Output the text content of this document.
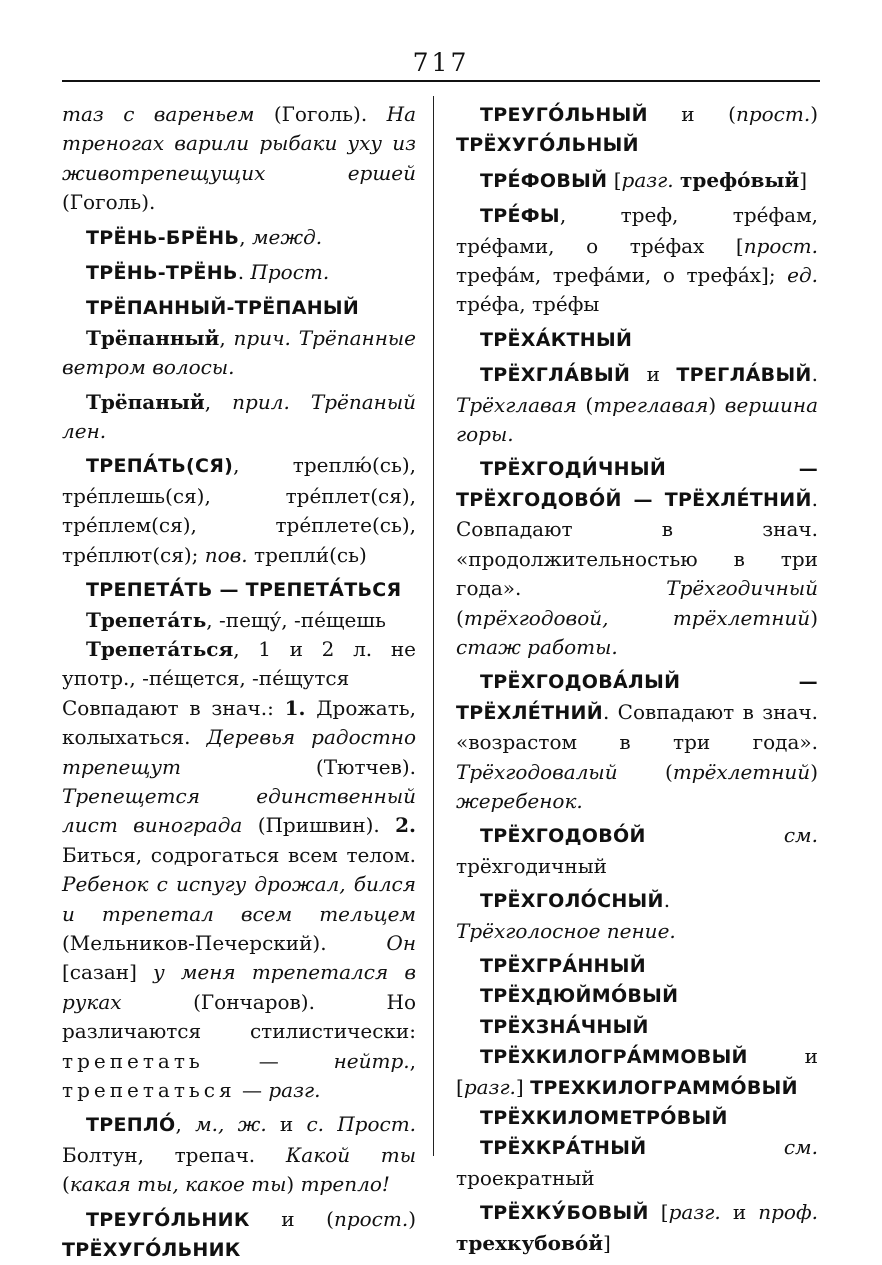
717

таз с вареньем (Гоголь). На треногах варили рыбаки уху из животрепещущих ершей (Гоголь).

ТРЁНЬ-БРЁНЬ, межд.

ТРЁНЬ-ТРЁНЬ. Прост.

ТРЁПАННЫЙ-ТРЁПАНЫЙ

Трёпанный, прич. Трёпанные ветром волосы.

Трёпаный, прил. Трёпаный лен.

ТРЕПА́ТЬ(СЯ), треплю́(сь), тре́плешь(ся), тре́плет(ся), тре́плем(ся), тре́плете(сь), тре́плют(ся); пов. трепли́(сь)

ТРЕПЕТА́ТЬ — ТРЕПЕТА́ТЬСЯ

Трепета́ть, -пещу́, -пе́щешь

Трепета́ться, 1 и 2 л. не употр., -пе́щется, -пе́щутся

Совпадают в знач.: 1. Дрожать, колыхаться. Деревья радостно трепещут (Тютчев). Трепещется единственный лист винограда (Пришвин). 2. Биться, содрогаться всем телом. Ребенок с испугу дрожал, бился и трепетал всем тельцем (Мельников-Печерский). Он [сазан] у меня трепетался в руках (Гончаров). Но различаются стилистически: трепетать — нейтр., трепетаться — разг.

ТРЕПЛО́, м., ж. и с. Прост. Болтун, трепач. Какой ты (какая ты, какое ты) трепло!

ТРЕУГО́ЛЬНИК и (прост.) ТРЁХУГО́ЛЬНИК

ТРЕУГО́ЛЬНЫЙ и (прост.) ТРЁХУГО́ЛЬНЫЙ

ТРЕ́ФОВЫЙ [разг. трефо́вый]

ТРЕ́ФЫ, треф, тре́фам, тре́фами, о тре́фах [прост. трефа́м, трефа́ми, о трефа́х]; ед. тре́фа, тре́фы

ТРЁХА́КТНЫЙ

ТРЁХГЛА́ВЫЙ и ТРЕГЛА́ВЫЙ. Трёхглавая (треглавая) вершина горы.

ТРЁХГОДИ́ЧНЫЙ — ТРЁХГОДОВО́Й — ТРЁХЛЕ́ТНИЙ. Совпадают в знач. «продолжительностью в три года». Трёхгодичный (трёхгодовой, трёхлетний) стаж работы.

ТРЁХГОДОВА́ЛЫЙ — ТРЁХЛЕ́ТНИЙ. Совпадают в знач. «возрастом в три года». Трёхгодовалый (трёхлетний) жеребенок.

ТРЁХГОДОВО́Й	см. трёхгодичный

ТРЁХГОЛО́СНЫЙ. Трёхголосное пение.

ТРЁХГРА́ННЫЙ

ТРЁХДЮЙМО́ВЫЙ

ТРЁХЗНА́ЧНЫЙ

ТРЁХКИЛОГРА́ММОВЫЙ и [разг.] ТРЕХКИЛОГРАММО́ВЫЙ

ТРЁХКИЛОМЕТРО́ВЫЙ

ТРЁХКРА́ТНЫЙ	см. троекратный

ТРЁХКУ́БОВЫЙ [разг. и проф. трехкубово́й]
